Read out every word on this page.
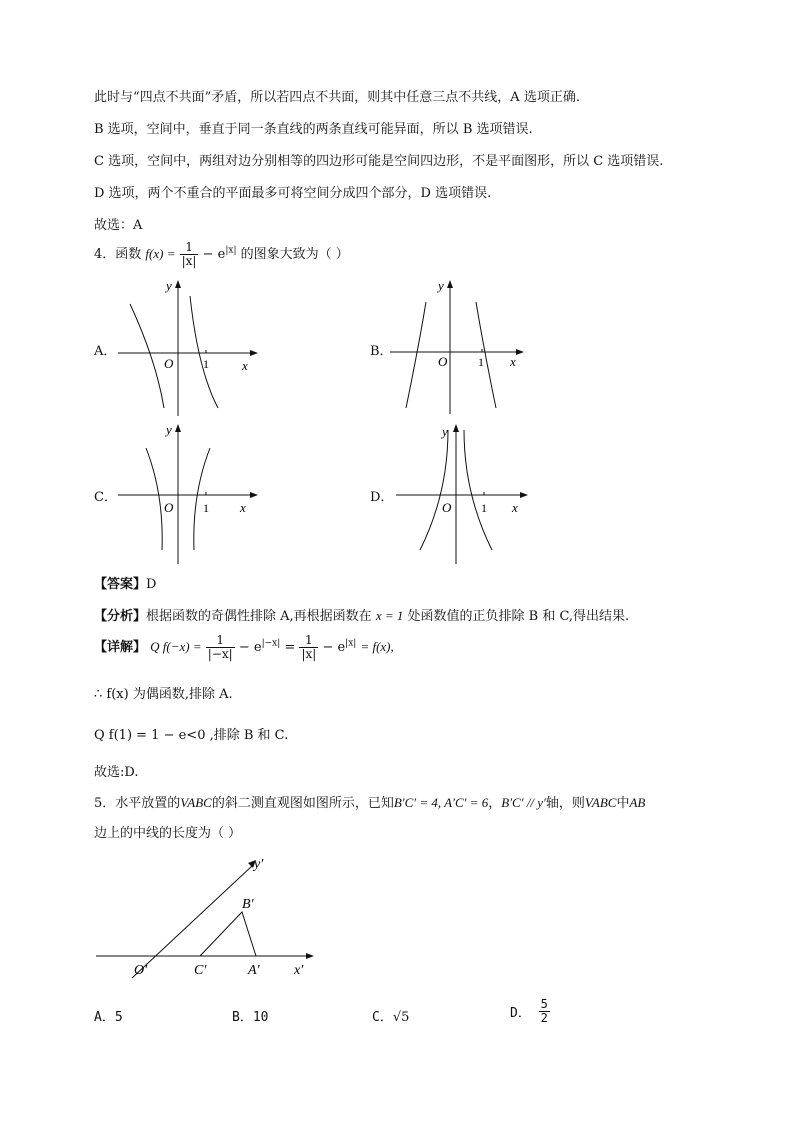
此时与“四点不共面”矛盾，所以若四点不共面，则其中任意三点不共线，A 选项正确.
B 选项，空间中，垂直于同一条直线的两条直线可能异面，所以 B 选项错误.
C 选项，空间中，两组对边分别相等的四边形可能是空间四边形，不是平面图形，所以 C 选项错误.
D 选项，两个不重合的平面最多可将空间分成四个部分，D 选项错误.
故选：A
4．函数 $f(x) = \frac{1}{|x|} - e^{|x|}$ 的图象大致为（ ）
A．
y
x
O 1
B．
y
x
O	1
C．
y
x
O 1
D．
y
x
O 1
【答案】D
【分析】根据函数的奇偶性排除 A,再根据函数在 x = 1 处函数值的正负排除 B 和 C,得出结果.
【详解】 Q $f(-x) = \frac{1}{|-x|} - e^{|-x|} = \frac{1}{|x|} - e^{|x|} = f(x)$,
∴ f(x) 为偶函数,排除 A.
Q f(1) = 1 − e<0 ,排除 B 和 C.
故选:D.
5．水平放置的VABC的斜二测直观图如图所示，已知B′C′ = 4, A′C′ = 6，B′C′ // y′轴，则VABC中AB
边上的中线的长度为（ ）
y′
B′
O′	C′	A′ x′
A．5	B．10	C．√5	D． $\frac{5}{2}$
